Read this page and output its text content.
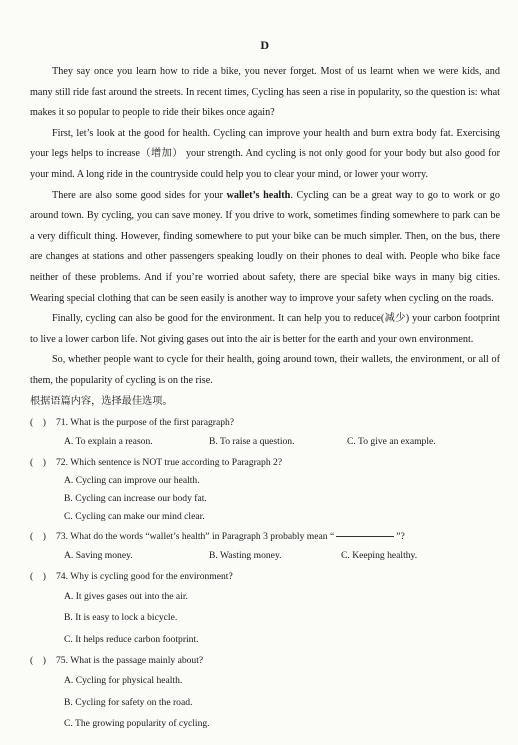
D

They say once you learn how to ride a bike, you never forget. Most of us learnt when we were kids, and many still ride fast around the streets. In recent times, Cycling has seen a rise in popularity, so the question is: what makes it so popular to people to ride their bikes once again?

First, let’s look at the good for health. Cycling can improve your health and burn extra body fat. Exercising your legs helps to increase（增加） your strength. And cycling is not only good for your body but also good for your mind. A long ride in the countryside could help you to clear your mind, or lower your worry.

There are also some good sides for your wallet’s health. Cycling can be a great way to go to work or go around town. By cycling, you can save money. If you drive to work, sometimes finding somewhere to park can be a very difficult thing. However, finding somewhere to put your bike can be much simpler. Then, on the bus, there are changes at stations and other passengers speaking loudly on their phones to deal with. People who bike face neither of these problems. And if you’re worried about safety, there are special bike ways in many big cities. Wearing special clothing that can be seen easily is another way to improve your safety when cycling on the roads.

Finally, cycling can also be good for the environment. It can help you to reduce(减少) your carbon footprint to live a lower carbon life. Not giving gases out into the air is better for the earth and your own environment.

So, whether people want to cycle for their health, going around town, their wallets, the environment, or all of them, the popularity of cycling is on the rise.

根据语篇内容，选择最佳选项。

( ) 71. What is the purpose of the first paragraph?
A. To explain a reason.	B. To raise a question.	C. To give an example.
( ) 72. Which sentence is NOT true according to Paragraph 2?
A. Cycling can improve our health.
B. Cycling can increase our body fat.
C. Cycling can make our mind clear.
( ) 73. What do the words “wallet’s health” in Paragraph 3 probably mean “	”?
A. Saving money.	B. Wasting money.	C. Keeping healthy.
( ) 74. Why is cycling good for the environment?
A. It gives gases out into the air.
B. It is easy to lock a bicycle.
C. It helps reduce carbon footprint.
( ) 75. What is the passage mainly about?
A. Cycling for physical health.
B. Cycling for safety on the road.
C. The growing popularity of cycling.
